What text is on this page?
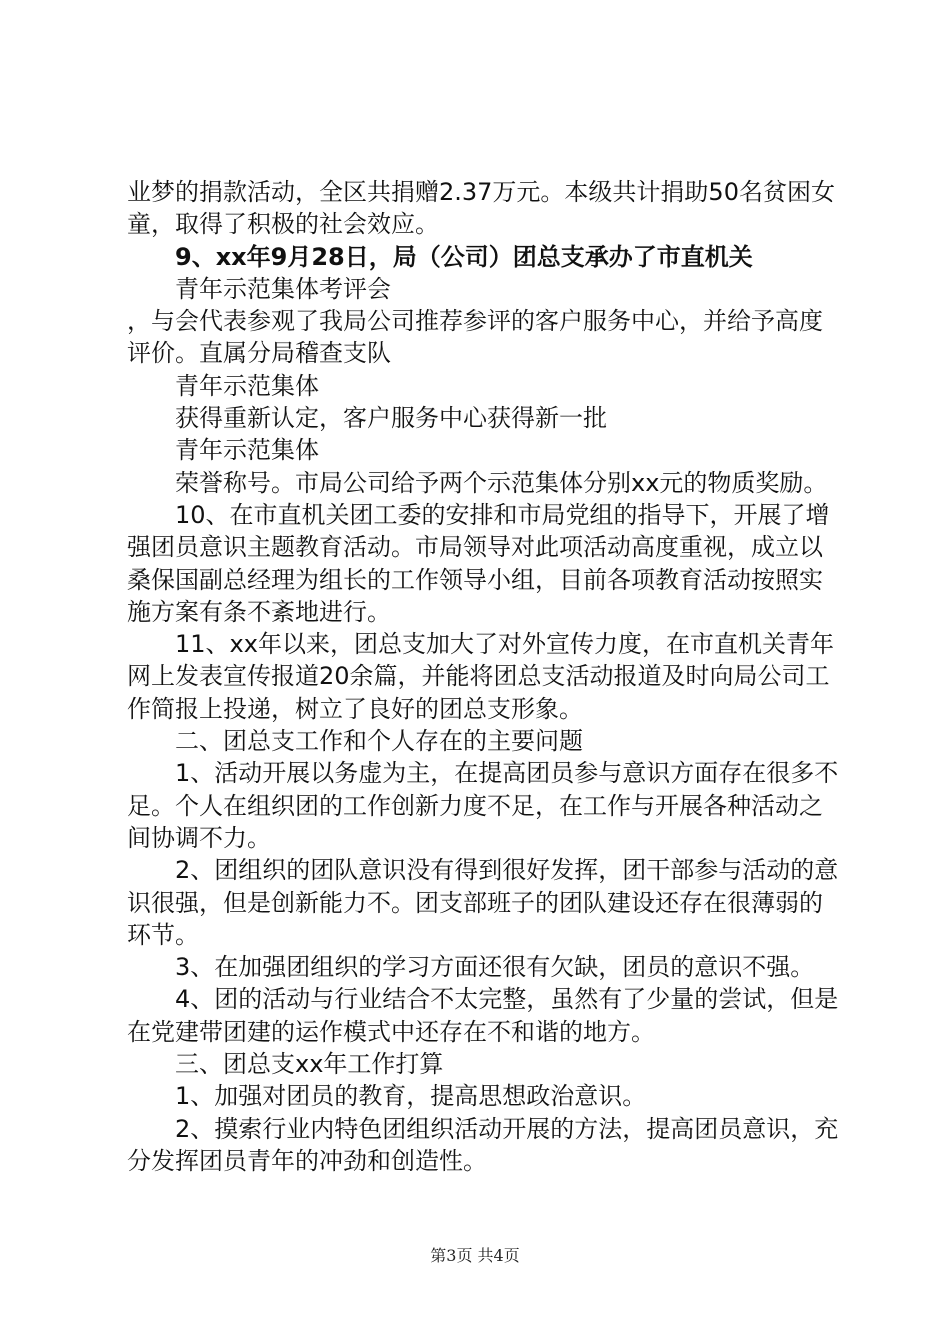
业梦的捐款活动，全区共捐赠2.37万元。本级共计捐助50名贫困女童，取得了积极的社会效应。

9、xx年9月28日，局（公司）团总支承办了市直机关

青年示范集体考评会

，与会代表参观了我局公司推荐参评的客户服务中心，并给予高度评价。直属分局稽查支队

青年示范集体

获得重新认定，客户服务中心获得新一批

青年示范集体

荣誉称号。市局公司给予两个示范集体分别xx元的物质奖励。

10、在市直机关团工委的安排和市局党组的指导下，开展了增强团员意识主题教育活动。市局领导对此项活动高度重视，成立以桑保国副总经理为组长的工作领导小组，目前各项教育活动按照实施方案有条不紊地进行。

11、xx年以来，团总支加大了对外宣传力度，在市直机关青年网上发表宣传报道20余篇，并能将团总支活动报道及时向局公司工作简报上投递，树立了良好的团总支形象。

二、团总支工作和个人存在的主要问题

1、活动开展以务虚为主，在提高团员参与意识方面存在很多不足。个人在组织团的工作创新力度不足，在工作与开展各种活动之间协调不力。

2、团组织的团队意识没有得到很好发挥，团干部参与活动的意识很强，但是创新能力不。团支部班子的团队建设还存在很薄弱的环节。

3、在加强团组织的学习方面还很有欠缺，团员的意识不强。

4、团的活动与行业结合不太完整，虽然有了少量的尝试，但是在党建带团建的运作模式中还存在不和谐的地方。

三、团总支xx年工作打算

1、加强对团员的教育，提高思想政治意识。

2、摸索行业内特色团组织活动开展的方法，提高团员意识，充分发挥团员青年的冲劲和创造性。

第3页 共4页
